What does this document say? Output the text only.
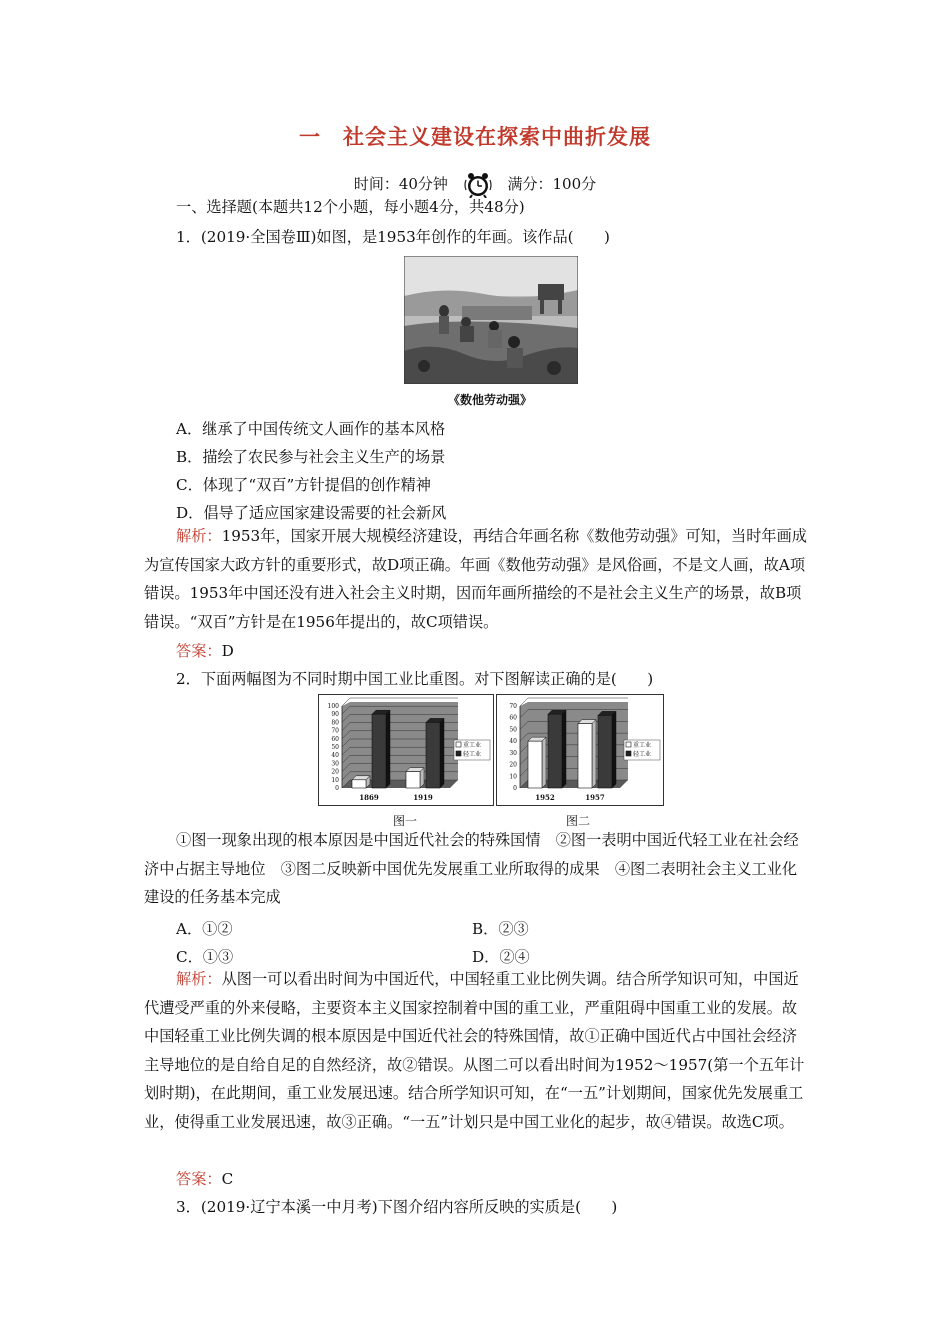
一 社会主义建设在探索中曲折发展
时间：40分钟	满分：100分
一、选择题(本题共12个小题，每小题4分，共48分)
1．(2019·全国卷Ⅲ)如图，是1953年创作的年画。该作品(　　)
《数他劳动强》
A．继承了中国传统文人画作的基本风格
B．描绘了农民参与社会主义生产的场景
C．体现了“双百”方针提倡的创作精神
D．倡导了适应国家建设需要的社会新风
解析：1953年，国家开展大规模经济建设，再结合年画名称《数他劳动强》可知，当时年画成为宣传国家大政方针的重要形式，故D项正确。年画《数他劳动强》是风俗画，不是文人画，故A项错误。1953年中国还没有进入社会主义时期，因而年画所描绘的不是社会主义生产的场景，故B项错误。“双百”方针是在1956年提出的，故C项错误。
答案：D
2．下面两幅图为不同时期中国工业比重图。对下图解读正确的是(　　)
0
10
20
30
40
50
60
70
80
90
100
1869	1919
重工业
轻工业
0
10
20
30
40
50
60
70
1952	1957
重工业
轻工业
图一	图二
①图一现象出现的根本原因是中国近代社会的特殊国情　②图一表明中国近代轻工业在社会经济中占据主导地位　③图二反映新中国优先发展重工业所取得的成果　④图二表明社会主义工业化建设的任务基本完成
A．①②	B．②③
C．①③	D．②④
解析：从图一可以看出时间为中国近代，中国轻重工业比例失调。结合所学知识可知，中国近代遭受严重的外来侵略，主要资本主义国家控制着中国的重工业，严重阻碍中国重工业的发展。故中国轻重工业比例失调的根本原因是中国近代社会的特殊国情，故①正确中国近代占中国社会经济主导地位的是自给自足的自然经济，故②错误。从图二可以看出时间为1952～1957(第一个五年计划时期)，在此期间，重工业发展迅速。结合所学知识可知，在“一五”计划期间，国家优先发展重工业，使得重工业发展迅速，故③正确。“一五”计划只是中国工业化的起步，故④错误。故选C项。
答案：C
3．(2019·辽宁本溪一中月考)下图介绍内容所反映的实质是(　　)
